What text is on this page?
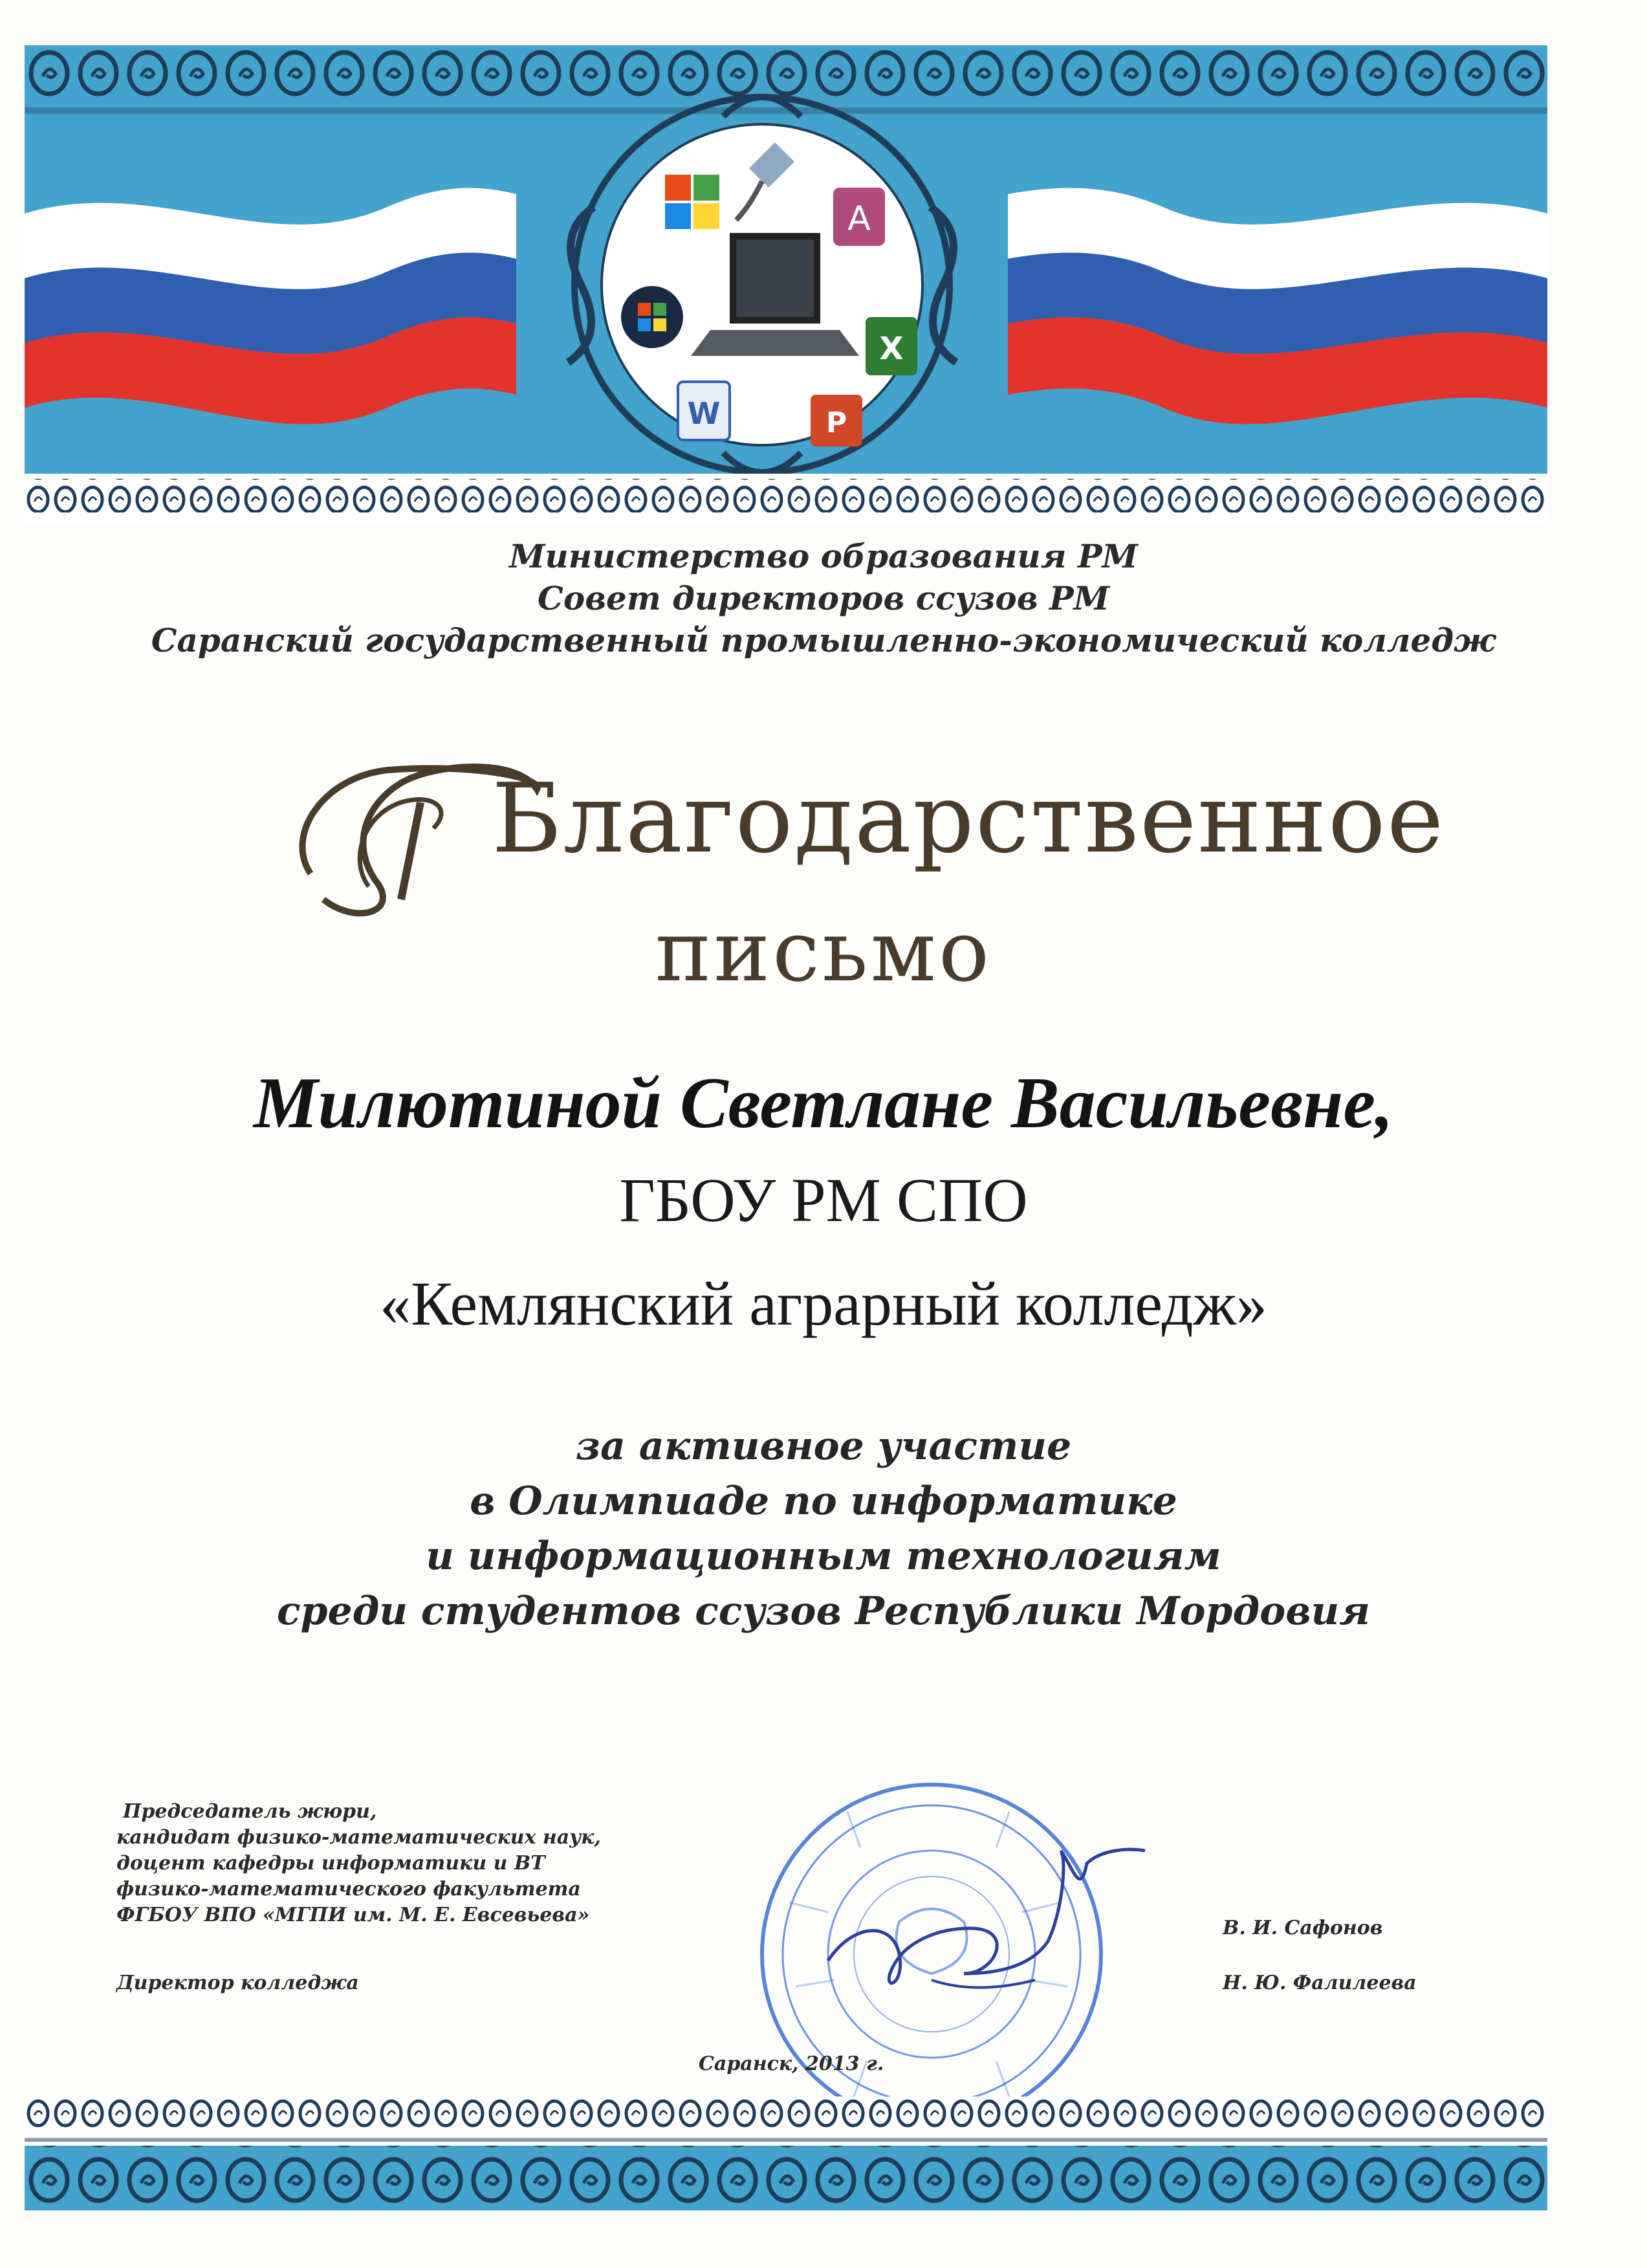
A
X
W	P
Министерство образования РМ
Совет директоров ссузов РМ
Саранский государственный промышленно-экономический колледж
Благодарственное
письмо
Милютиной Светлане Васильевне,
ГБОУ РМ СПО
«Кемлянский аграрный колледж»
за активное участие
в Олимпиаде по информатике
и информационным технологиям
среди студентов ссузов Республики Мордовия
Председатель жюри,
кандидат физико-математических наук,
доцент кафедры информатики и ВТ
физико-математического факультета
ФГБОУ ВПО «МГПИ им. М. Е. Евсевьева»
Директор колледжа
В. И. Сафонов
Н. Ю. Фалилеева
Саранск, 2013 г.
